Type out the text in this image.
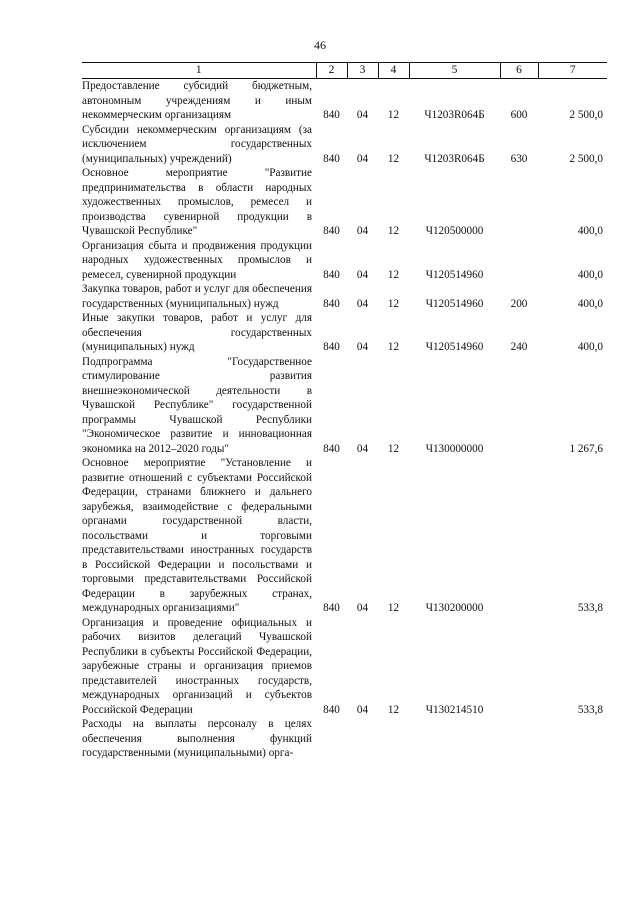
46
1	2	3	4	5	6	7
Предоставление субсидий бюджетным, автономным учреждениям и иным некоммерческим организациям	840	04	12	Ч1203R064Б	600	2 500,0
Субсидии некоммерческим организациям (за исключением государственных (муниципальных) учреждений)	840	04	12	Ч1203R064Б	630	2 500,0
Основное мероприятие "Развитие предпринимательства в области народных художественных промыслов, ремесел и производства сувенирной продукции в Чувашской Республике"	840	04	12	Ч120500000		400,0
Организация сбыта и продвижения продукции народных художественных промыслов и ремесел, сувенирной продукции	840	04	12	Ч120514960		400,0
Закупка товаров, работ и услуг для обеспечения государственных (муниципальных) нужд	840	04	12	Ч120514960	200	400,0
Иные закупки товаров, работ и услуг для обеспечения государственных (муниципальных) нужд	840	04	12	Ч120514960	240	400,0
Подпрограмма "Государственное стимулирование развития внешнеэкономической деятельности в Чувашской Республике" государственной программы Чувашской Республики "Экономическое развитие и инновационная экономика на 2012–2020 годы"	840	04	12	Ч130000000		1 267,6
Основное мероприятие "Установление и развитие отношений с субъектами Российской Федерации, странами ближнего и дальнего зарубежья, взаимодействие с федеральными органами государственной власти, посольствами и торговыми представительствами иностранных государств в Российской Федерации и посольствами и торговыми представительствами Российской Федерации в зарубежных странах, международных организациями"	840	04	12	Ч130200000		533,8
Организация и проведение официальных и рабочих визитов делегаций Чувашской Республики в субъекты Российской Федерации, зарубежные страны и организация приемов представителей иностранных государств, международных организаций и субъектов Российской Федерации	840	04	12	Ч130214510		533,8
Расходы на выплаты персоналу в целях обеспечения выполнения функций государственными (муниципальными) орга-						
